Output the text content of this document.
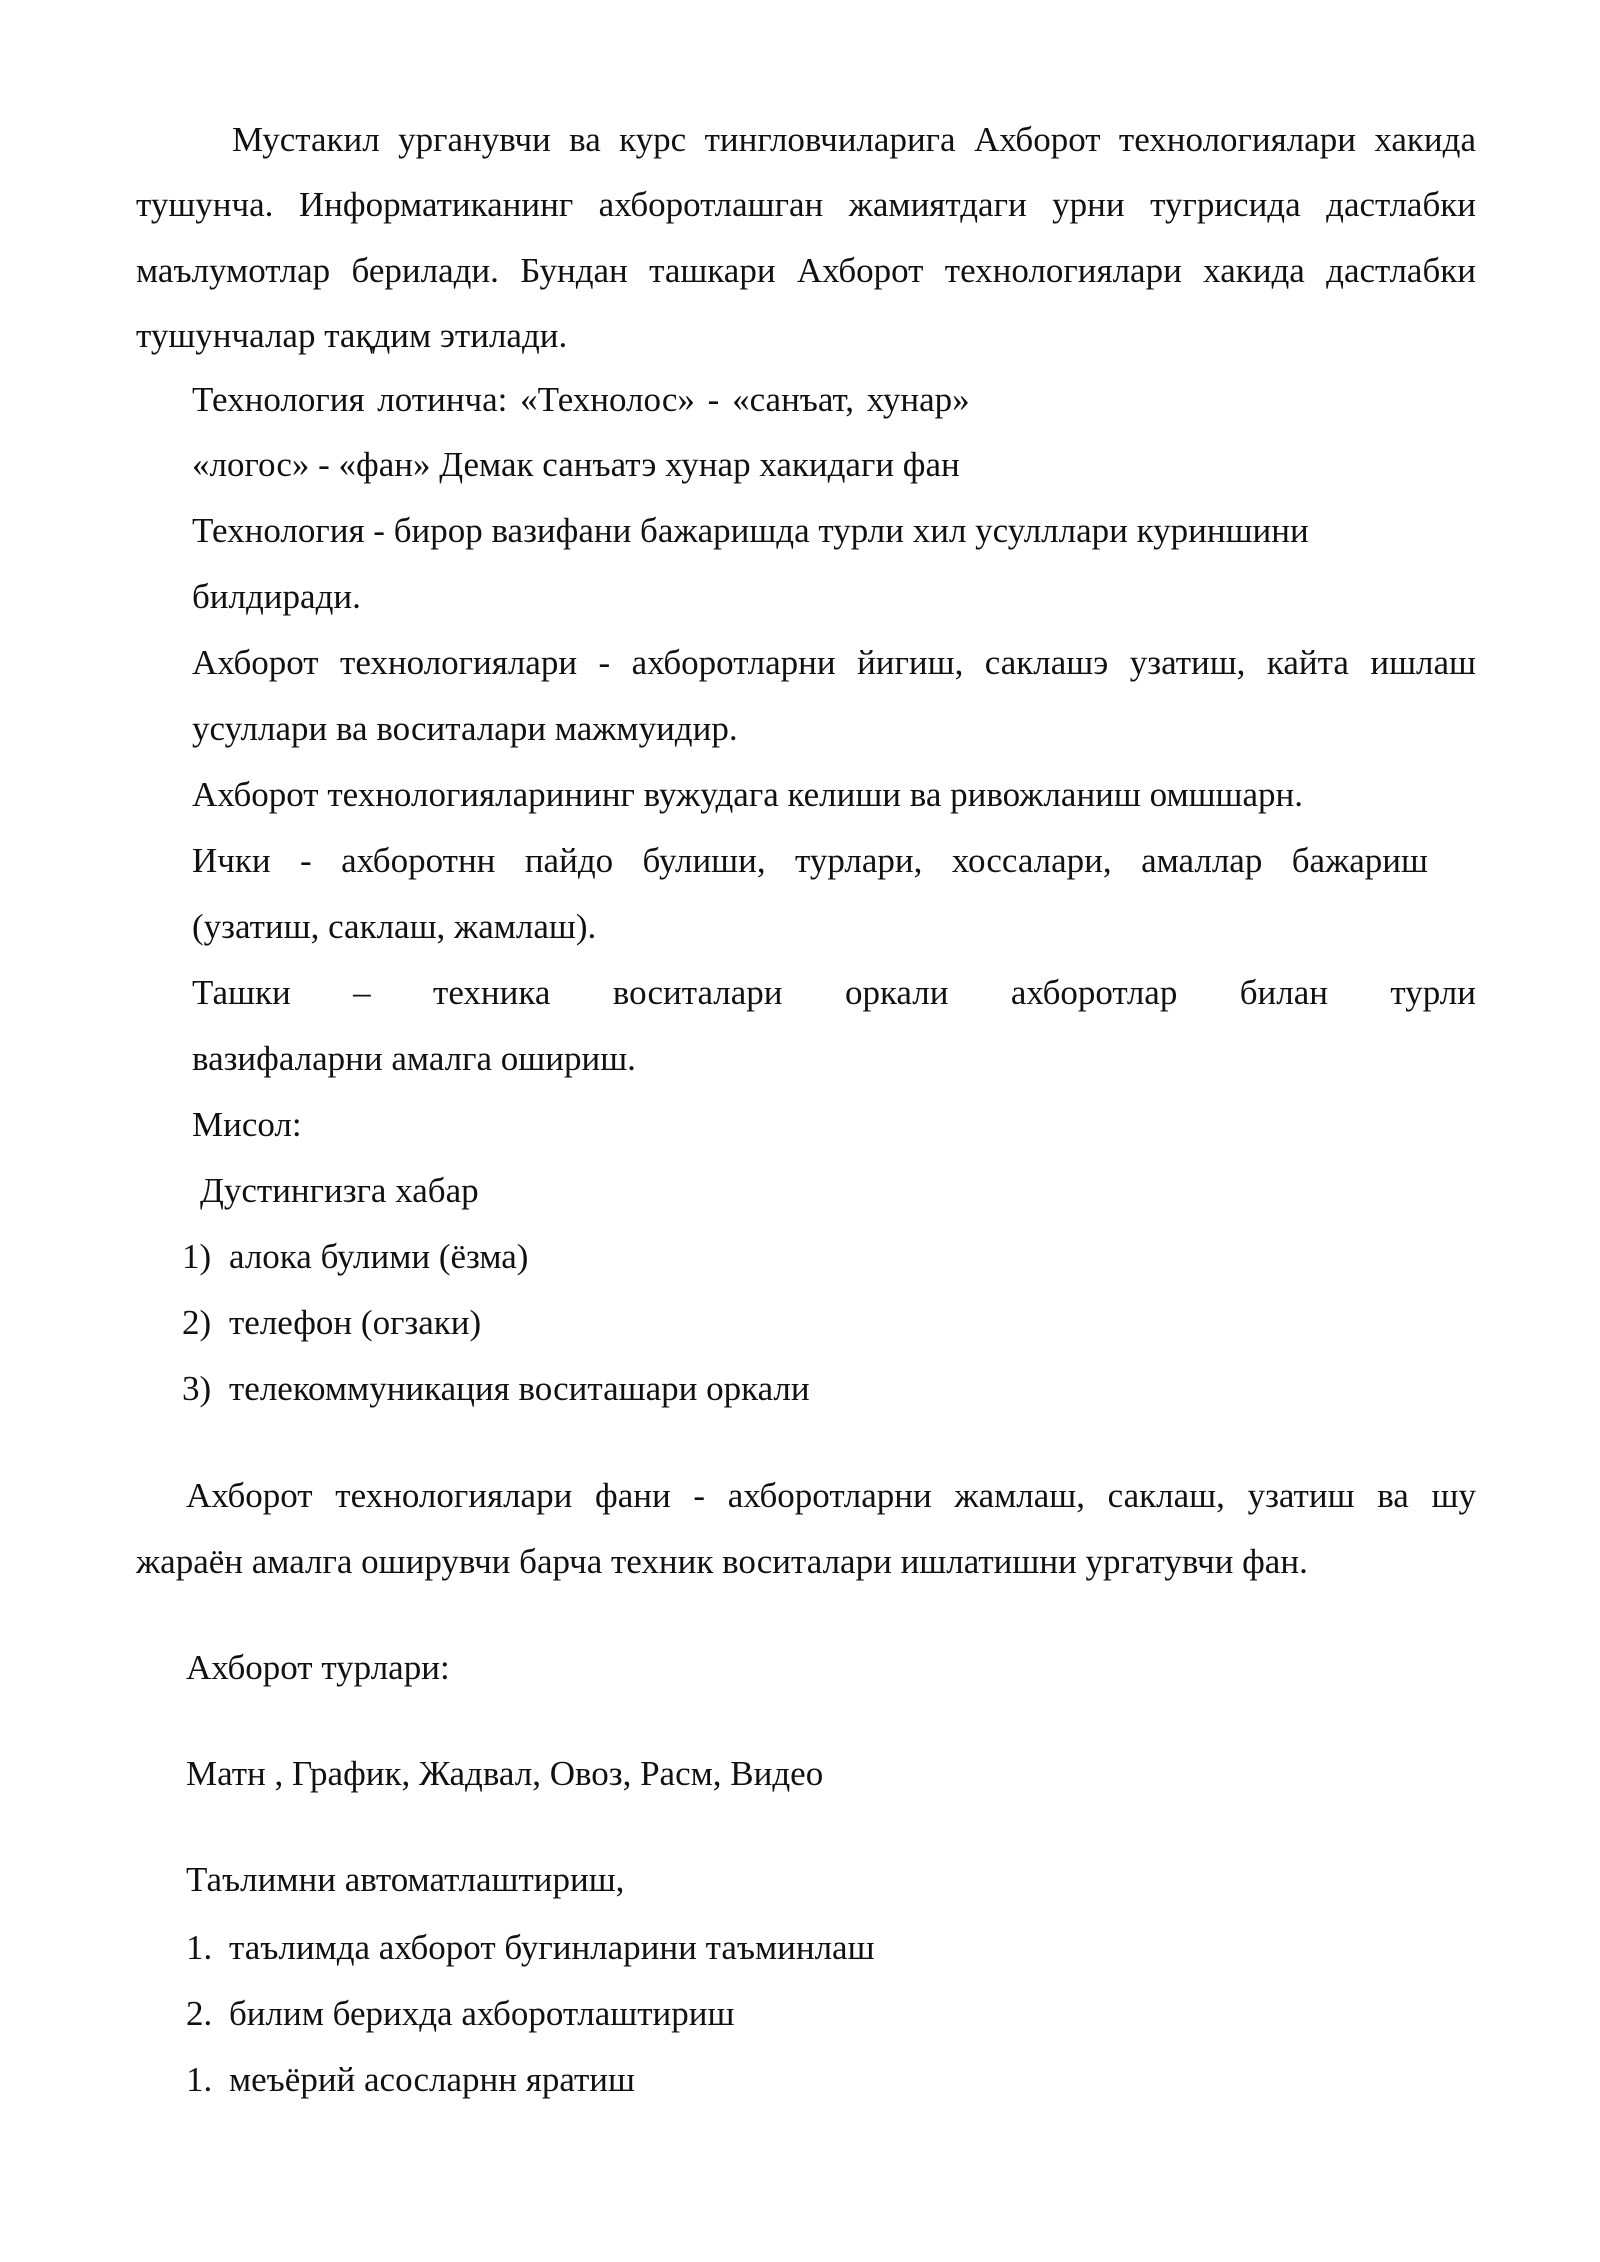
Мустакил урганувчи ва курс тингловчиларига Ахборот технологиялари хакида
тушунча. Информатиканинг ахборотлашган жамиятдаги урни тугрисида дастлабки
маълумотлар берилади. Бундан ташкари Ахборот технологиялари хакида дастлабки
тушунчалар тақдим этилади.
Технология лотинча: «Технолос» - «санъат, хунар»
«логос» - «фан» Демак санъатэ хунар хакидаги фан
Технология - бирор вазифани бажаришда турли хил усулллари куриншини
билдиради.
Ахборот технологиялари - ахборотларни йигиш, саклашэ узатиш, кайта ишлаш
усуллари ва воситалари мажмуидир.
Ахборот технологияларининг вужудага келиши ва ривожланиш омшшарн.
Ички - ахборотнн пайдо булиши, турлари, хоссалари, амаллар бажариш
(узатиш, саклаш, жамлаш).
Ташки – техника воситалари оркали ахборотлар билан турли
вазифаларни амалга ошириш.
Мисол:
Дустингизга хабар
1) алока булими (ёзма)
2) телефон (огзаки)
3) телекоммуникация воситашари оркали
Ахборот технологиялари фани - ахборотларни жамлаш, саклаш, узатиш ва шу
жараён амалга оширувчи барча техник воситалари ишлатишни ургатувчи фан.
Ахборот турлари:
Матн , График, Жадвал, Овоз, Расм, Видео
Таълимни автоматлаштириш,
1. таълимда ахборот бугинларини таъминлаш
2. билим берихда ахборотлаштириш
1. меъёрий асосларнн яратиш
